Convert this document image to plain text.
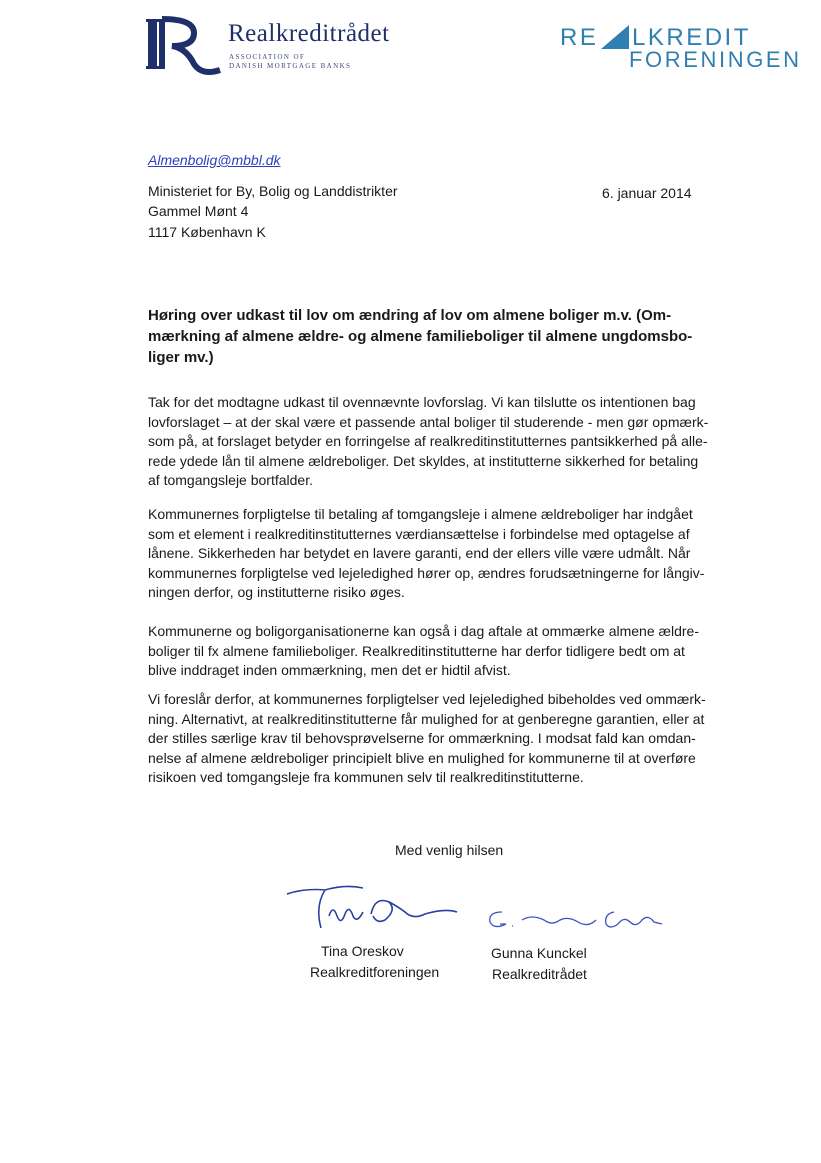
Realkreditrådet
ASSOCIATION OF
DANISH MORTGAGE BANKS
RE LKREDIT
FORENINGEN
Almenbolig@mbbl.dk
Ministeriet for By, Bolig og Landdistrikter
Gammel Mønt 4
1117 København K
6. januar 2014
Høring over udkast til lov om ændring af lov om almene boliger m.v. (Om-
mærkning af almene ældre- og almene familieboliger til almene ungdomsbo-
liger mv.)
Tak for det modtagne udkast til ovennævnte lovforslag. Vi kan tilslutte os intentionen bag
lovforslaget – at der skal være et passende antal boliger til studerende - men gør opmærk-
som på, at forslaget betyder en forringelse af realkreditinstitutternes pantsikkerhed på alle-
rede ydede lån til almene ældreboliger. Det skyldes, at institutterne sikkerhed for betaling
af tomgangsleje bortfalder.
Kommunernes forpligtelse til betaling af tomgangsleje i almene ældreboliger har indgået
som et element i realkreditinstitutternes værdiansættelse i forbindelse med optagelse af
lånene. Sikkerheden har betydet en lavere garanti, end der ellers ville være udmålt. Når
kommunernes forpligtelse ved lejeledighed hører op, ændres forudsætningerne for långiv-
ningen derfor, og institutterne risiko øges.
Kommunerne og boligorganisationerne kan også i dag aftale at ommærke almene ældre-
boliger til fx almene familieboliger. Realkreditinstitutterne har derfor tidligere bedt om at
blive inddraget inden ommærkning, men det er hidtil afvist.
Vi foreslår derfor, at kommunernes forpligtelser ved lejeledighed bibeholdes ved ommærk-
ning. Alternativt, at realkreditinstitutterne får mulighed for at genberegne garantien, eller at
der stilles særlige krav til behovsprøvelserne for ommærkning. I modsat fald kan omdan-
nelse af almene ældreboliger principielt blive en mulighed for kommunerne til at overføre
risikoen ved tomgangsleje fra kommunen selv til realkreditinstitutterne.
Med venlig hilsen
Tina Oreskov
Realkreditforeningen
Gunna Kunckel
Realkreditrådet
